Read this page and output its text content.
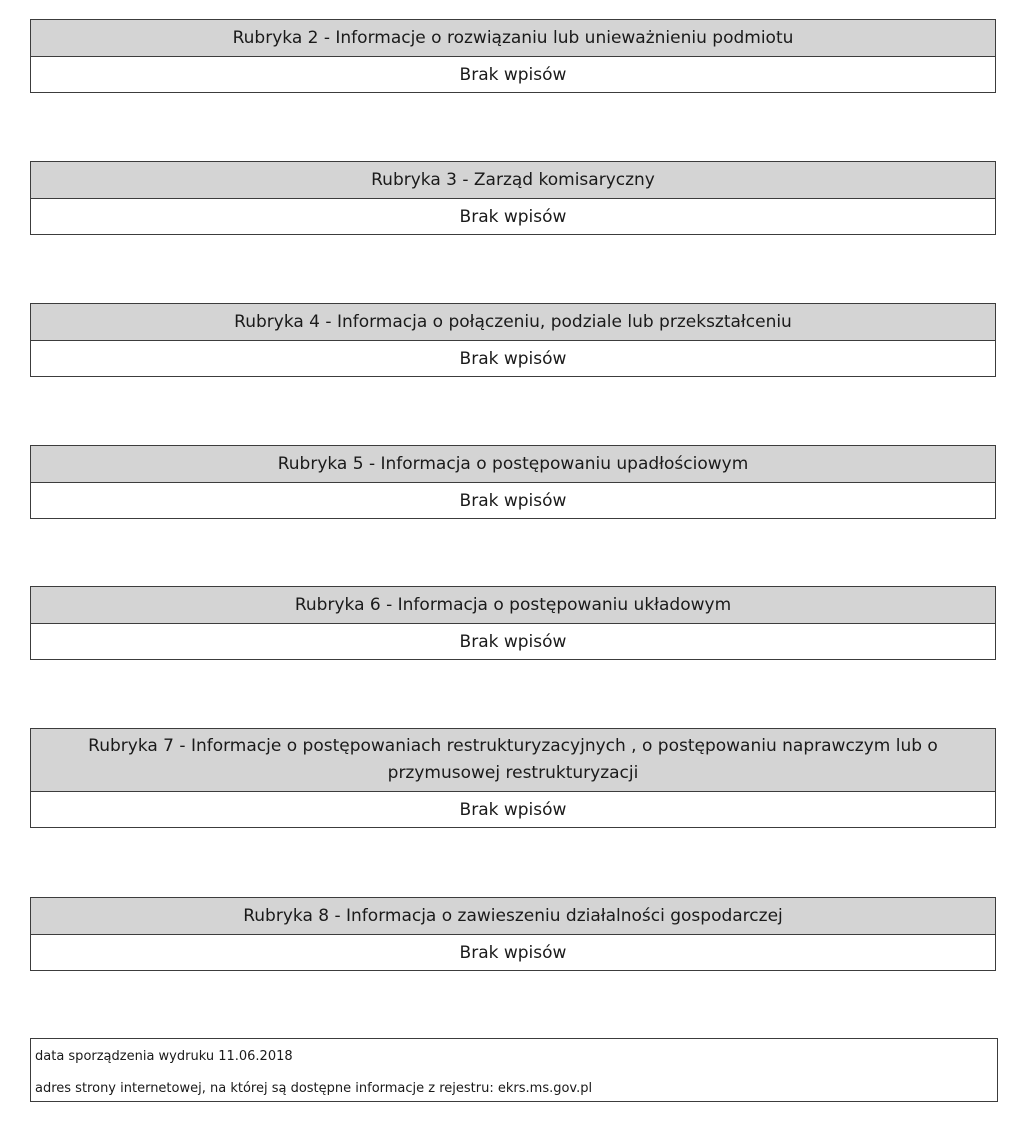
Rubryka 2 - Informacje o rozwiązaniu lub unieważnieniu podmiotu
Brak wpisów
Rubryka 3 - Zarząd komisaryczny
Brak wpisów
Rubryka 4 - Informacja o połączeniu, podziale lub przekształceniu
Brak wpisów
Rubryka 5 - Informacja o postępowaniu upadłościowym
Brak wpisów
Rubryka 6 - Informacja o postępowaniu układowym
Brak wpisów
Rubryka 7 - Informacje o postępowaniach restrukturyzacyjnych , o postępowaniu naprawczym lub o przymusowej restrukturyzacji
Brak wpisów
Rubryka 8 - Informacja o zawieszeniu działalności gospodarczej
Brak wpisów
data sporządzenia wydruku 11.06.2018
adres strony internetowej, na której są dostępne informacje z rejestru: ekrs.ms.gov.pl
